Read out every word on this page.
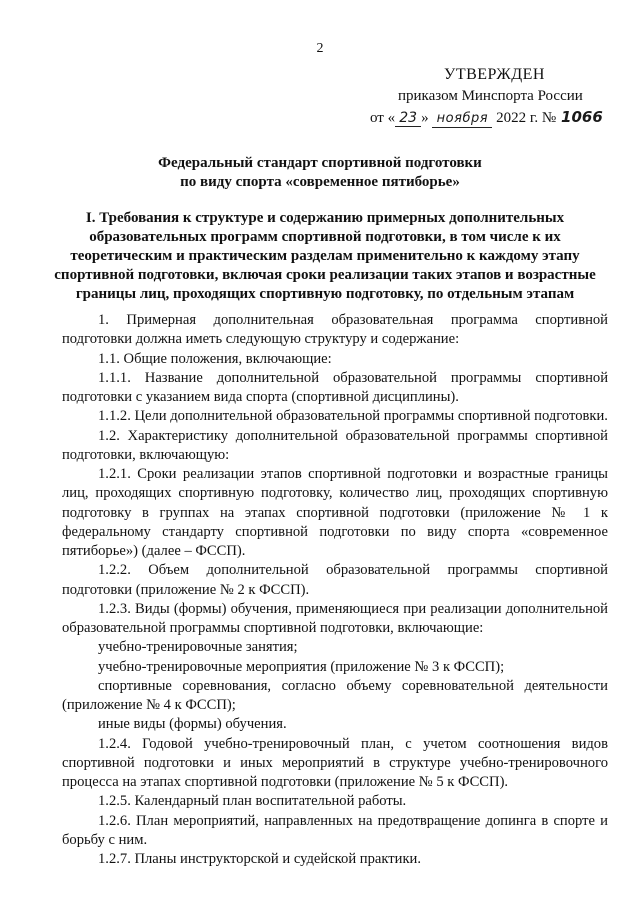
2
УТВЕРЖДЕН
приказом Минспорта России
от « 23 » ноября 2022 г. № 1066
Федеральный стандарт спортивной подготовки
по виду спорта «современное пятиборье»
I. Требования к структуре и содержанию примерных дополнительных
образовательных программ спортивной подготовки, в том числе к их
теоретическим и практическим разделам применительно к каждому этапу
спортивной подготовки, включая сроки реализации таких этапов и возрастные
границы лиц, проходящих спортивную подготовку, по отдельным этапам

1. Примерная дополнительная образовательная программа спортивной подготовки должна иметь следующую структуру и содержание:

1.1. Общие положения, включающие:

1.1.1. Название дополнительной образовательной программы спортивной подготовки с указанием вида спорта (спортивной дисциплины).

1.1.2. Цели дополнительной образовательной программы спортивной подготовки.

1.2. Характеристику дополнительной образовательной программы спортивной подготовки, включающую:

1.2.1. Сроки реализации этапов спортивной подготовки и возрастные границы лиц, проходящих спортивную подготовку, количество лиц, проходящих спортивную подготовку в группах на этапах спортивной подготовки (приложение № 1 к федеральному стандарту спортивной подготовки по виду спорта «современное пятиборье») (далее – ФССП).

1.2.2. Объем дополнительной образовательной программы спортивной подготовки (приложение № 2 к ФССП).

1.2.3. Виды (формы) обучения, применяющиеся при реализации дополнительной образовательной программы спортивной подготовки, включающие:

учебно-тренировочные занятия;

учебно-тренировочные мероприятия (приложение № 3 к ФССП);

спортивные соревнования, согласно объему соревновательной деятельности (приложение № 4 к ФССП);

иные виды (формы) обучения.

1.2.4. Годовой учебно-тренировочный план, с учетом соотношения видов спортивной подготовки и иных мероприятий в структуре учебно-тренировочного процесса на этапах спортивной подготовки (приложение № 5 к ФССП).

1.2.5. Календарный план воспитательной работы.

1.2.6. План мероприятий, направленных на предотвращение допинга в спорте и борьбу с ним.

1.2.7. Планы инструкторской и судейской практики.
